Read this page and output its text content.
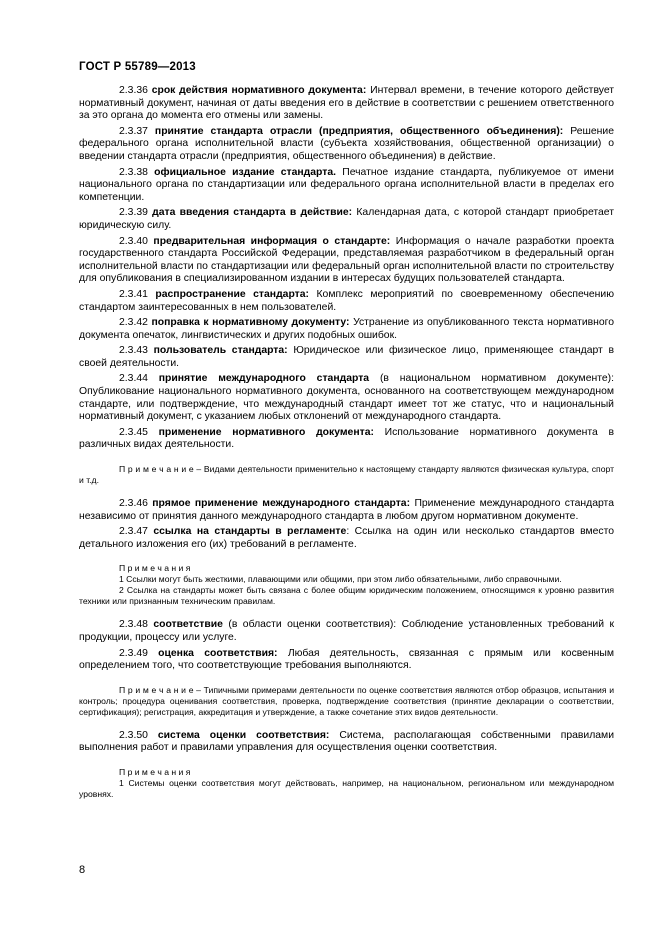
ГОСТ Р 55789—2013

2.3.36 срок действия нормативного документа: Интервал времени, в течение которого действует нормативный документ, начиная от даты введения его в действие в соответствии с решением ответственного за это органа до момента его отмены или замены.

2.3.37 принятие стандарта отрасли (предприятия, общественного объединения): Решение федерального органа исполнительной власти (субъекта хозяйствования, общественной организации) о введении стандарта отрасли (предприятия, общественного объединения) в действие.

2.3.38 официальное издание стандарта. Печатное издание стандарта, публикуемое от имени национального органа по стандартизации или федерального органа исполнительной власти в пределах его компетенции.

2.3.39 дата введения стандарта в действие: Календарная дата, с которой стандарт приобретает юридическую силу.

2.3.40 предварительная информация о стандарте: Информация о начале разработки проекта государственного стандарта Российской Федерации, представляемая разработчиком в федеральный орган исполнительной власти по стандартизации или федеральный орган исполнительной власти по строительству для опубликования в специализированном издании в интересах будущих пользователей стандарта.

2.3.41 распространение стандарта: Комплекс мероприятий по своевременному обеспечению стандартом заинтересованных в нем пользователей.

2.3.42 поправка к нормативному документу: Устранение из опубликованного текста нормативного документа опечаток, лингвистических и других подобных ошибок.

2.3.43 пользователь стандарта: Юридическое или физическое лицо, применяющее стандарт в своей деятельности.

2.3.44 принятие международного стандарта (в национальном нормативном документе): Опубликование национального нормативного документа, основанного на соответствующем международном стандарте, или подтверждение, что международный стандарт имеет тот же статус, что и национальный нормативный документ, с указанием любых отклонений от международного стандарта.

2.3.45 применение нормативного документа: Использование нормативного документа в различных видах деятельности.

П р и м е ч а н и е – Видами деятельности применительно к настоящему стандарту являются физическая культура, спорт и т.д.

2.3.46 прямое применение международного стандарта: Применение международного стандарта независимо от принятия данного международного стандарта в любом другом нормативном документе.

2.3.47 ссылка на стандарты в регламенте: Ссылка на один или несколько стандартов вместо детального изложения его (их) требований в регламенте.

П р и м е ч а н и я

1 Ссылки могут быть жесткими, плавающими или общими, при этом либо обязательными, либо справочными.

2 Ссылка на стандарты может быть связана с более общим юридическим положением, относящимся к уровню развития техники или признанным техническим правилам.

2.3.48 соответствие (в области оценки соответствия): Соблюдение установленных требований к продукции, процессу или услуге.

2.3.49 оценка соответствия: Любая деятельность, связанная с прямым или косвенным определением того, что соответствующие требования выполняются.

П р и м е ч а н и е – Типичными примерами деятельности по оценке соответствия являются отбор образцов, испытания и контроль; процедура оценивания соответствия, проверка, подтверждение соответствия (принятие декларации о соответствии, сертификация); регистрация, аккредитация и утверждение, а также сочетание этих видов деятельности.

2.3.50 система оценки соответствия: Система, располагающая собственными правилами выполнения работ и правилами управления для осуществления оценки соответствия.

П р и м е ч а н и я

1 Системы оценки соответствия могут действовать, например, на национальном, региональном или международном уровнях.

8
